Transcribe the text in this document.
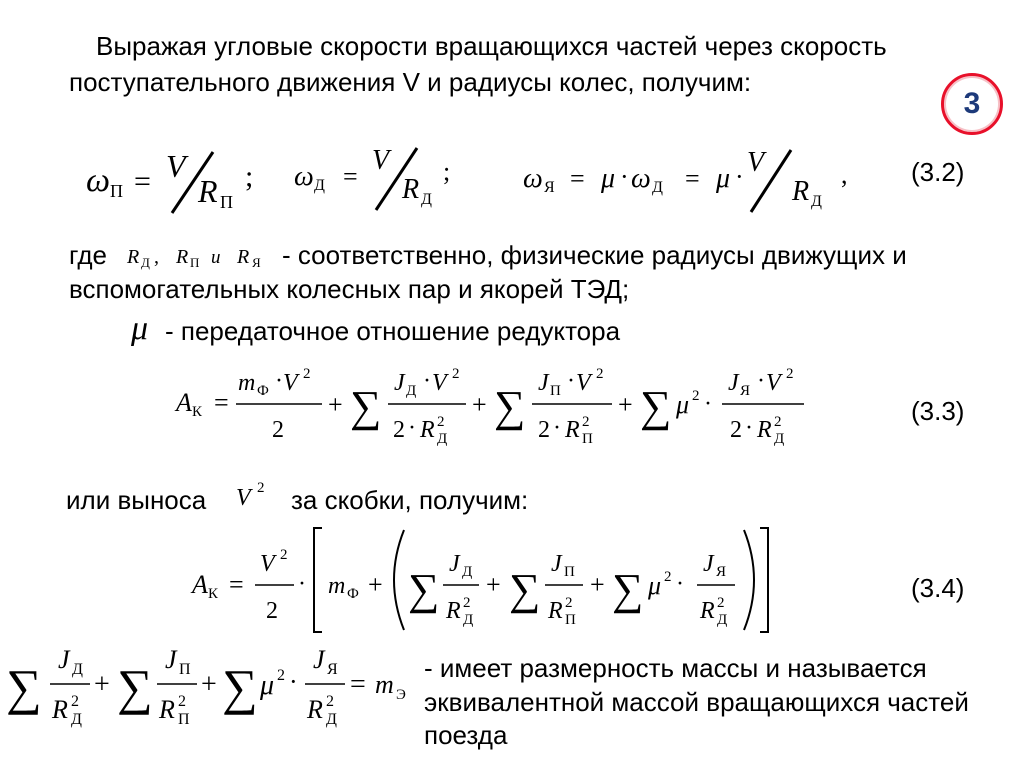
Выражая угловые скорости вращающихся частей через скорость
поступательного движения V и радиусы колес, получим:
3
ω П = V
R П
; ω Д =
V
R Д
;	ω Я = μ · ω Д = μ · V
R Д
, (3.2)
где R Д , R П и R Я - соответственно, физические радиусы движущих и
вспомогательных колесных пар и якорей ТЭД;
μ - передаточное отношение редуктора
A К =
m Ф · V 2
2
+ ∑ J Д · V 2
2 · R 2
Д
+ ∑ J П · V 2
2 · R 2
П
+ ∑ μ 2 ·
J Я · V 2
2 · R 2
Д
(3.3)
или выноса V 2 за скобки, получим:
A К =
V 2
2
· m Ф + ∑
J Д
R 2
Д
+ ∑
J П
R 2
П
+ ∑ μ 2 ·
J Я
R 2
Д
(3.4)
∑ J Д
R 2
Д
+ ∑ J П
R 2
П
+ ∑ μ 2 ·
J Я
R 2
Д
= m Э
- имеет размерность массы и называется
эквивалентной массой вращающихся частей
поезда
